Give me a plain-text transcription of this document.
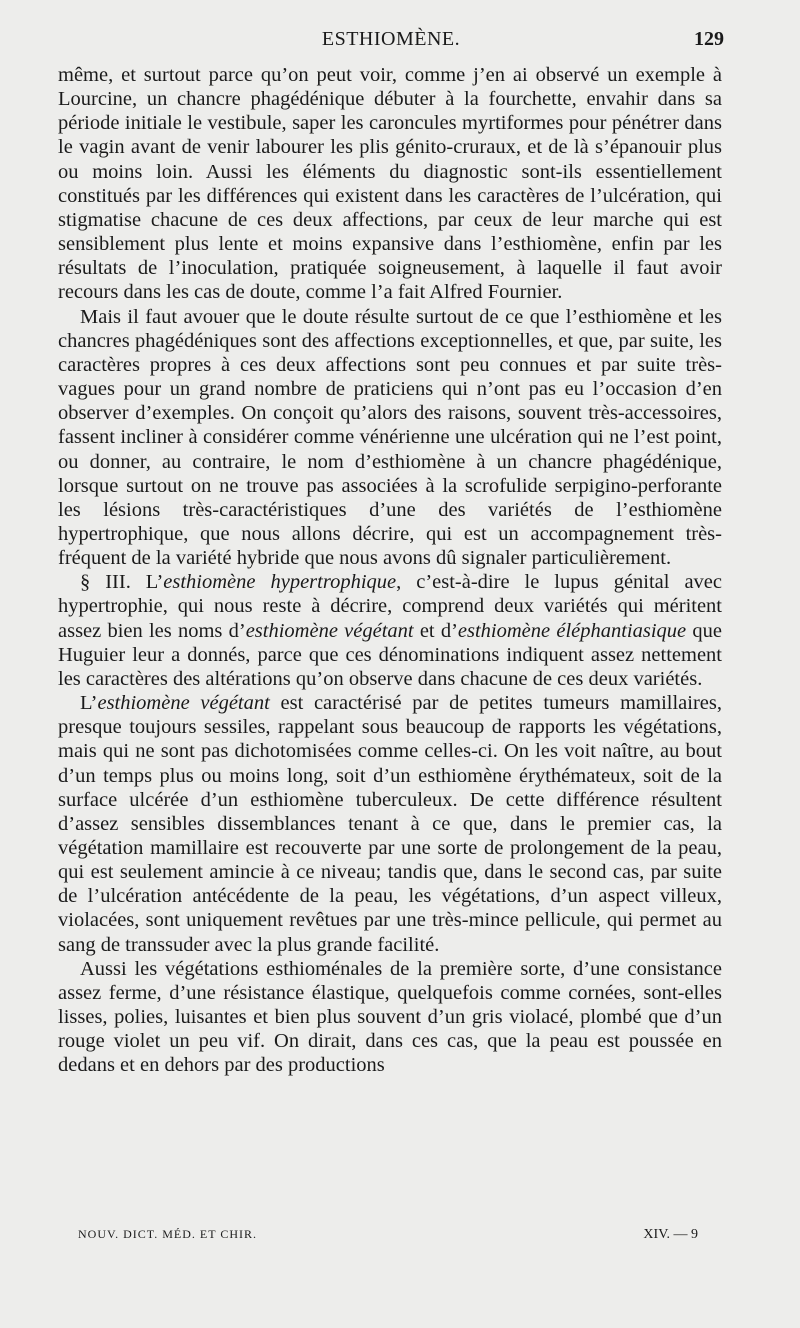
ESTHIOMÈNE.	129

même, et surtout parce qu’on peut voir, comme j’en ai observé un exemple à Lourcine, un chancre phagédénique débuter à la fourchette, envahir dans sa période initiale le vestibule, saper les caroncules myrtiformes pour pénétrer dans le vagin avant de venir labourer les plis génito-cruraux, et de là s’épanouir plus ou moins loin. Aussi les éléments du diagnostic sont-ils essentiellement constitués par les différences qui existent dans les caractères de l’ulcération, qui stigmatise chacune de ces deux affections, par ceux de leur marche qui est sensiblement plus lente et moins expansive dans l’esthiomène, enfin par les résultats de l’inoculation, pratiquée soigneusement, à laquelle il faut avoir recours dans les cas de doute, comme l’a fait Alfred Fournier.

Mais il faut avouer que le doute résulte surtout de ce que l’esthiomène et les chancres phagédéniques sont des affections exceptionnelles, et que, par suite, les caractères propres à ces deux affections sont peu connues et par suite très-vagues pour un grand nombre de praticiens qui n’ont pas eu l’occasion d’en observer d’exemples. On conçoit qu’alors des raisons, souvent très-accessoires, fassent incliner à considérer comme vénérienne une ulcération qui ne l’est point, ou donner, au contraire, le nom d’esthiomène à un chancre phagédénique, lorsque surtout on ne trouve pas associées à la scrofulide serpigino-perforante les lésions très-caractéristiques d’une des variétés de l’esthiomène hypertrophique, que nous allons décrire, qui est un accompagnement très-fréquent de la variété hybride que nous avons dû signaler particulièrement.

§ III. L’esthiomène hypertrophique, c’est-à-dire le lupus génital avec hypertrophie, qui nous reste à décrire, comprend deux variétés qui méritent assez bien les noms d’esthiomène végétant et d’esthiomène éléphantiasique que Huguier leur a donnés, parce que ces dénominations indiquent assez nettement les caractères des altérations qu’on observe dans chacune de ces deux variétés.

L’esthiomène végétant est caractérisé par de petites tumeurs mamillaires, presque toujours sessiles, rappelant sous beaucoup de rapports les végétations, mais qui ne sont pas dichotomisées comme celles-ci. On les voit naître, au bout d’un temps plus ou moins long, soit d’un esthiomène érythémateux, soit de la surface ulcérée d’un esthiomène tuberculeux. De cette différence résultent d’assez sensibles dissemblances tenant à ce que, dans le premier cas, la végétation mamillaire est recouverte par une sorte de prolongement de la peau, qui est seulement amincie à ce niveau; tandis que, dans le second cas, par suite de l’ulcération antécédente de la peau, les végétations, d’un aspect villeux, violacées, sont uniquement revêtues par une très-mince pellicule, qui permet au sang de transsuder avec la plus grande facilité.

Aussi les végétations esthioménales de la première sorte, d’une consistance assez ferme, d’une résistance élastique, quelquefois comme cornées, sont-elles lisses, polies, luisantes et bien plus souvent d’un gris violacé, plombé que d’un rouge violet un peu vif. On dirait, dans ces cas, que la peau est poussée en dedans et en dehors par des productions

NOUV. DICT. MÉD. ET CHIR.	XIV. — 9
